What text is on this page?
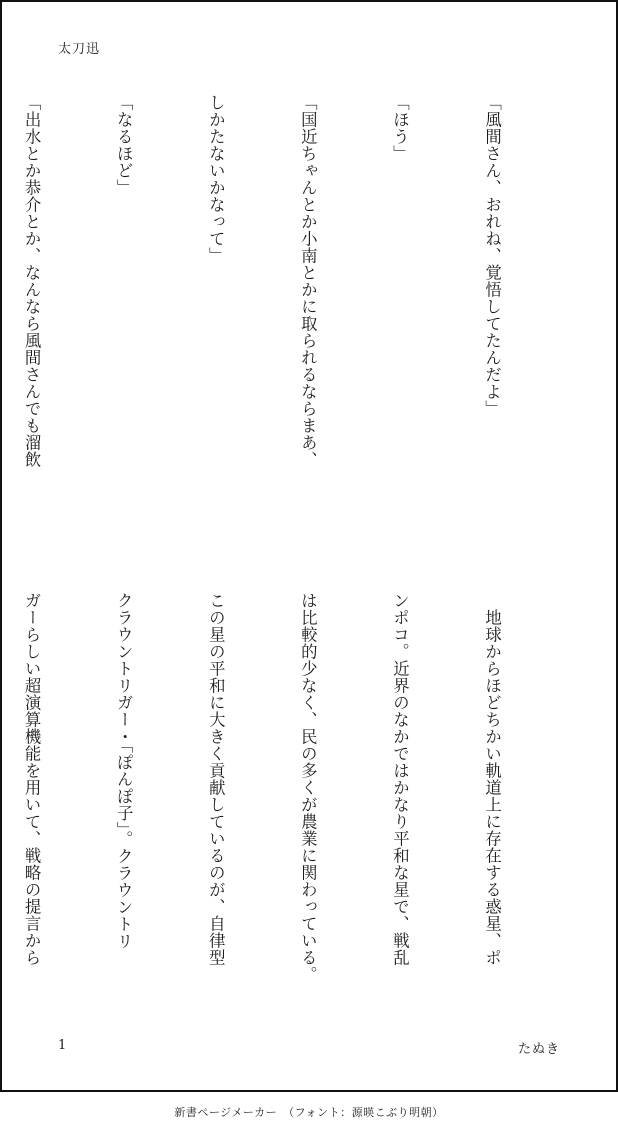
太刀迅

「風間さん、おれね、覚悟してたんだよ」

「ほう」

「国近ちゃんとか小南とかに取られるならまあ、

しかたないかなって」

「なるほど」

「出水とか恭介とか、なんなら風間さんでも溜飲

　地球からほどちかい軌道上に存在する惑星、ポ

ンポコ。近界のなかではかなり平和な星で、戦乱

は比較的少なく、民の多くが農業に関わっている。

この星の平和に大きく貢献しているのが、自律型

クラウントリガー・「ぽんぽ子」。クラウントリ

ガーらしい超演算機能を用いて、戦略の提言から

1	たぬき
新書ページメーカー　（フォント：源暎こぶり明朝）
